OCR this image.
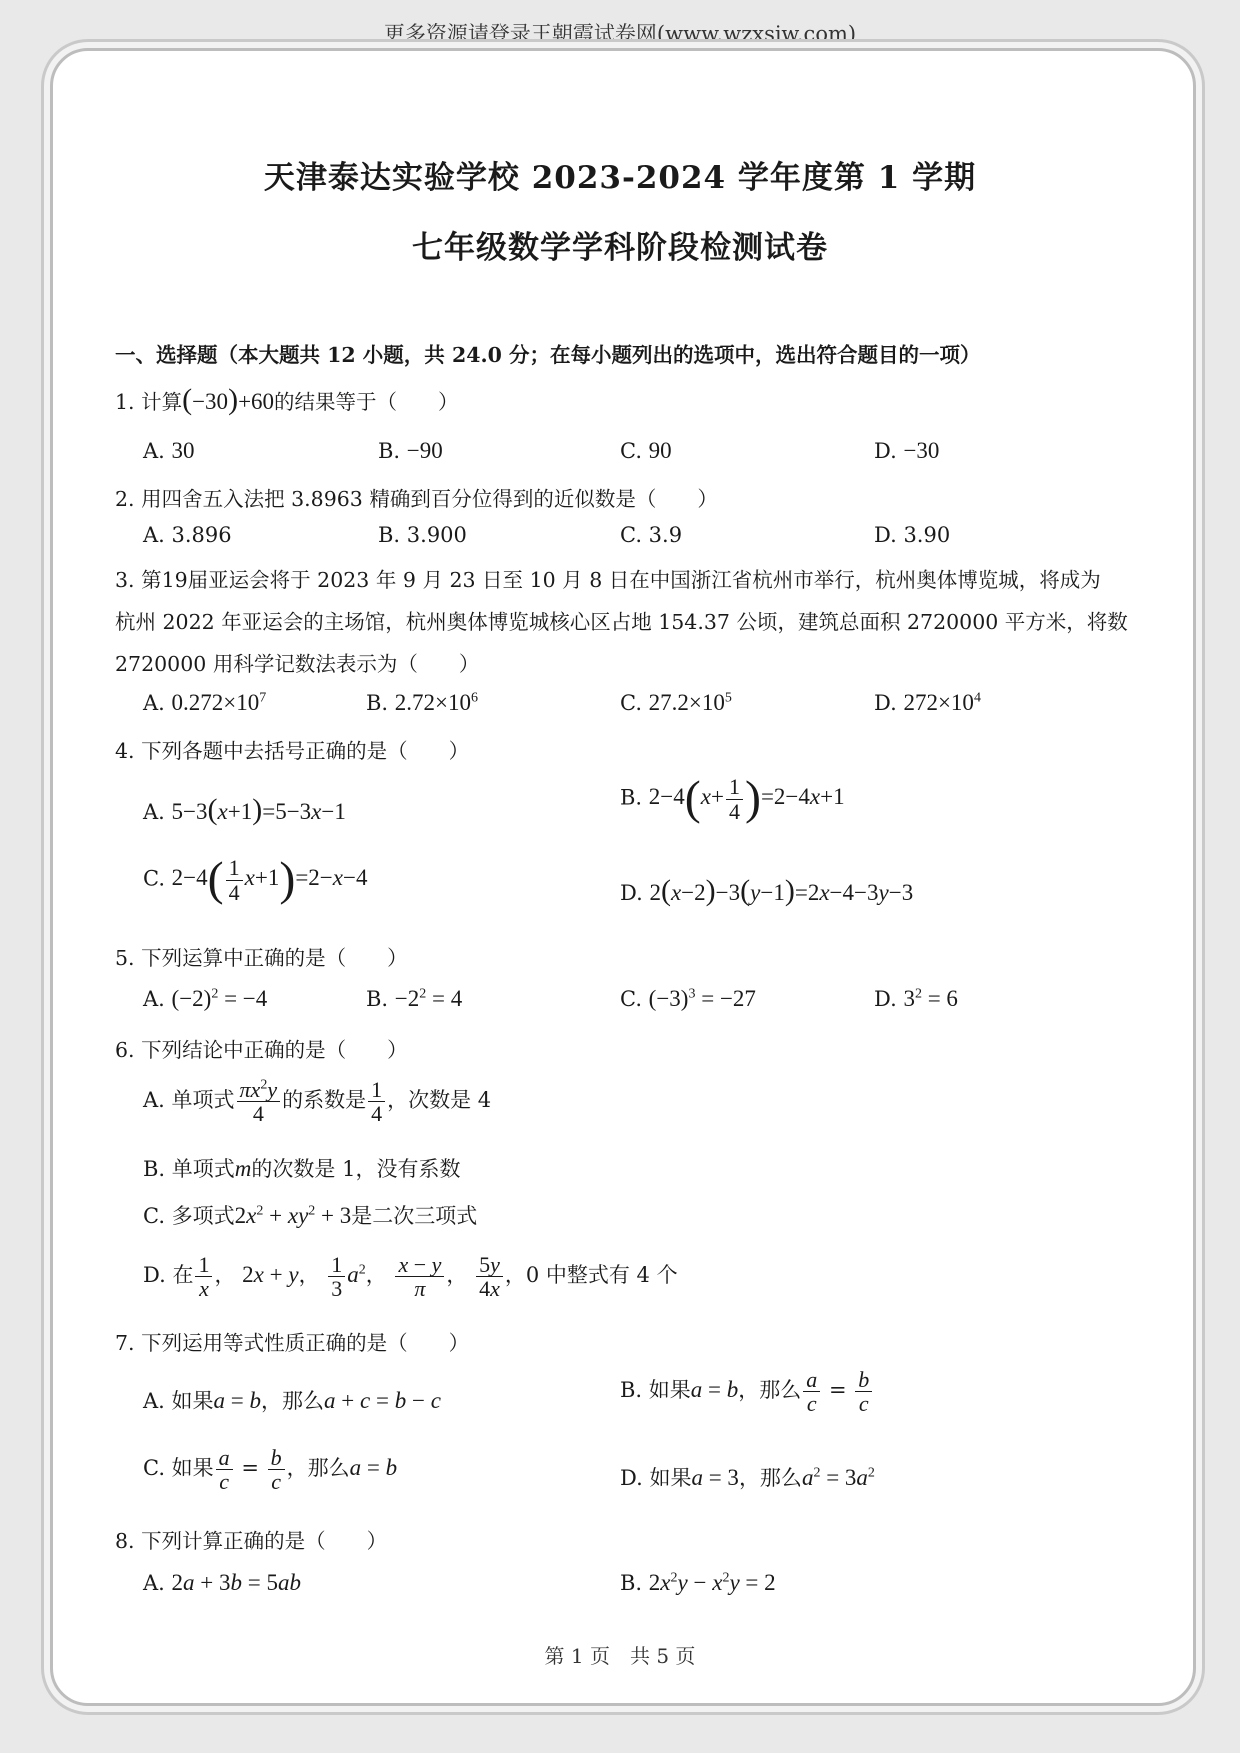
更多资源请登录王朝霞试卷网(www.wzxsjw.com)
天津泰达实验学校 2023-2024 学年度第 1 学期
七年级数学学科阶段检测试卷
一、选择题（本大题共 12 小题，共 24.0 分；在每小题列出的选项中，选出符合题目的一项）
1. 计算(−30)+60的结果等于（　　）
A. 30	B. −90	C. 90	D. −30
2. 用四舍五入法把 3.8963 精确到百分位得到的近似数是（　　）
A. 3.896	B. 3.900	C. 3.9	D. 3.90
3. 第19届亚运会将于 2023 年 9 月 23 日至 10 月 8 日在中国浙江省杭州市举行，杭州奥体博览城，将成为
杭州 2022 年亚运会的主场馆，杭州奥体博览城核心区占地 154.37 公顷，建筑总面积 2720000 平方米，将数
2720000 用科学记数法表示为（　　）
A. $0.272\times 10^7$	B. $2.72\times 10^6$	C. $27.2\times 10^5$	D. $272\times 10^4$
4. 下列各题中去括号正确的是（　　）
A. 5−3(x+1)=5−3x−1
B. $2-4(x+ \frac{1}{4} )=2-4x+1$
C. $2-4( \frac{1}{4} x+1)=2-x-4$
D. 2(x−2)−3(y−1)=2x−4−3y−3
5. 下列运算中正确的是（　　）
A. $(-2)^2 = -4$	B. $-2^2 = 4$	C. $(-3)^3 = -27$	D. $3^2 = 6$
6. 下列结论中正确的是（　　）
A. 单项式 $\frac{\pi x^2y}{4}$ 的系数是 $\frac{1}{4}$ ，次数是 4
B. 单项式m的次数是 1，没有系数
C. 多项式$2x^2 + xy^2 + 3$是二次三项式
D. 在 $\frac{1}{x}$ ， 2x + y， $\frac{1}{3} a^2$， $\frac{x - y}{\pi}$ ， $\frac{5y}{4x}$ ，0 中整式有 4 个
7. 下列运用等式性质正确的是（　　）
A. 如果a = b，那么a + c = b − c	B. 如果a = b，那么 $\frac{a}{c} = \frac{b}{c}$
C. 如果 $\frac{a}{c} = \frac{b}{c}$ ，那么a = b	D. 如果a = 3，那么$a^2 = 3a^2$
8. 下列计算正确的是（　　）
A. 2a + 3b = 5ab	B. $2x^2y - x^2y = 2$
第 1 页　共 5 页
